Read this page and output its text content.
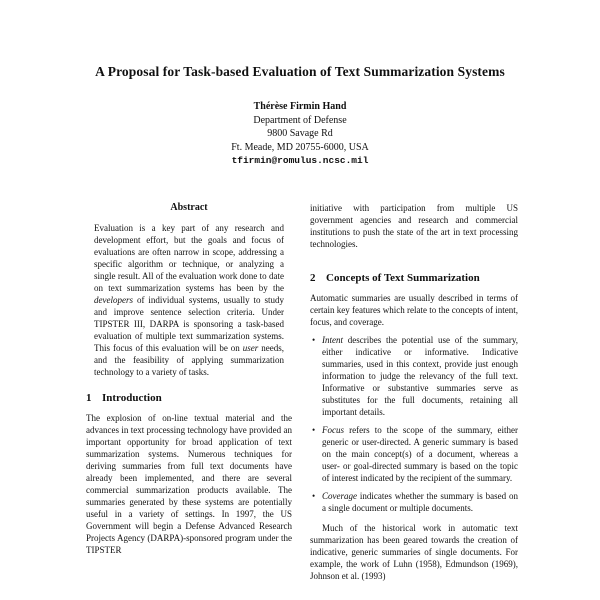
A Proposal for Task-based Evaluation of Text Summarization Systems
Thérèse Firmin Hand
Department of Defense
9800 Savage Rd
Ft. Meade, MD 20755-6000, USA
tfirmin@romulus.ncsc.mil
Abstract

Evaluation is a key part of any research and development effort, but the goals and focus of evaluations are often narrow in scope, addressing a specific algorithm or technique, or analyzing a single result. All of the evaluation work done to date on text summarization systems has been by the developers of individual systems, usually to study and improve sentence selection criteria. Under TIPSTER III, DARPA is sponsoring a task-based evaluation of multiple text summarization systems. This focus of this evaluation will be on user needs, and the feasibility of applying summarization technology to a variety of tasks.

1 Introduction

The explosion of on-line textual material and the advances in text processing technology have provided an important opportunity for broad application of text summarization systems. Numerous techniques for deriving summaries from full text documents have already been implemented, and there are several commercial summarization products available. The summaries generated by these systems are potentially useful in a variety of settings. In 1997, the US Government will begin a Defense Advanced Research Projects Agency (DARPA)-sponsored program under the TIPSTER

initiative with participation from multiple US government agencies and research and commercial institutions to push the state of the art in text processing technologies.

2 Concepts of Text Summarization

Automatic summaries are usually described in terms of certain key features which relate to the concepts of intent, focus, and coverage.

• Intent describes the potential use of the summary, either indicative or informative. Indicative summaries, used in this context, provide just enough information to judge the relevancy of the full text. Informative or substantive summaries serve as substitutes for the full documents, retaining all important details.
• Focus refers to the scope of the summary, either generic or user-directed. A generic summary is based on the main concept(s) of a document, whereas a user- or goal-directed summary is based on the topic of interest indicated by the recipient of the summary.
• Coverage indicates whether the summary is based on a single document or multiple documents.

Much of the historical work in automatic text summarization has been geared towards the creation of indicative, generic summaries of single documents. For example, the work of Luhn (1958), Edmundson (1969), Johnson et al. (1993)
